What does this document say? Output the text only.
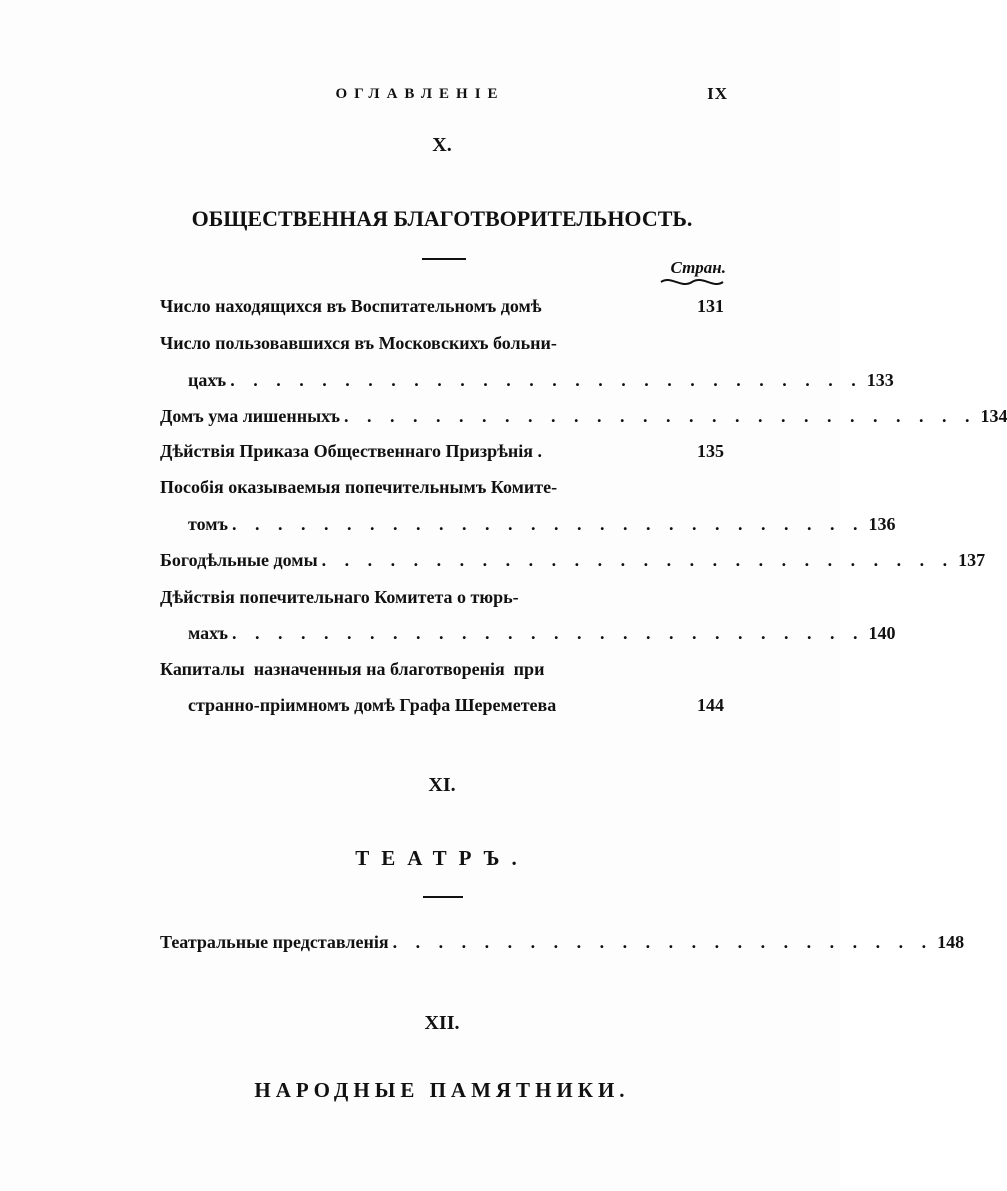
ОГЛАВЛЕНІЕ	IX
X.
ОБЩЕСТВЕННАЯ БЛАГОТВОРИТЕЛЬНОСТЬ.
Стран.
Число находящихся въ Воспитательномъ домѣ	131
Число пользовавшихся въ Московскихъ больни-
цахъ . . . . . . . . . . . . . . . . . . . . . . . . . . . . 133
Домъ ума лишенныхъ . . . . . . . . . . . . . . . . . . . . . . . . . . . . 134
Дѣйствія Приказа Общественнаго Призрѣнія .	135
Пособія оказываемыя попечительнымъ Комите-
томъ . . . . . . . . . . . . . . . . . . . . . . . . . . . . 136
Богодѣльные домы . . . . . . . . . . . . . . . . . . . . . . . . . . . . 137
Дѣйствія попечительнаго Комитета о тюрь-
махъ . . . . . . . . . . . . . . . . . . . . . . . . . . . . 140
Капиталы  назначенныя на благотворенія  при
странно-пріимномъ домѣ Графа Шереметева	144
XI.
ТЕАТРЪ.
Театральные представленія . . . . . . . . . . . . . . . . . . . . . . . . 148
XII.
НАРОДНЫЕ ПАМЯТНИКИ.
